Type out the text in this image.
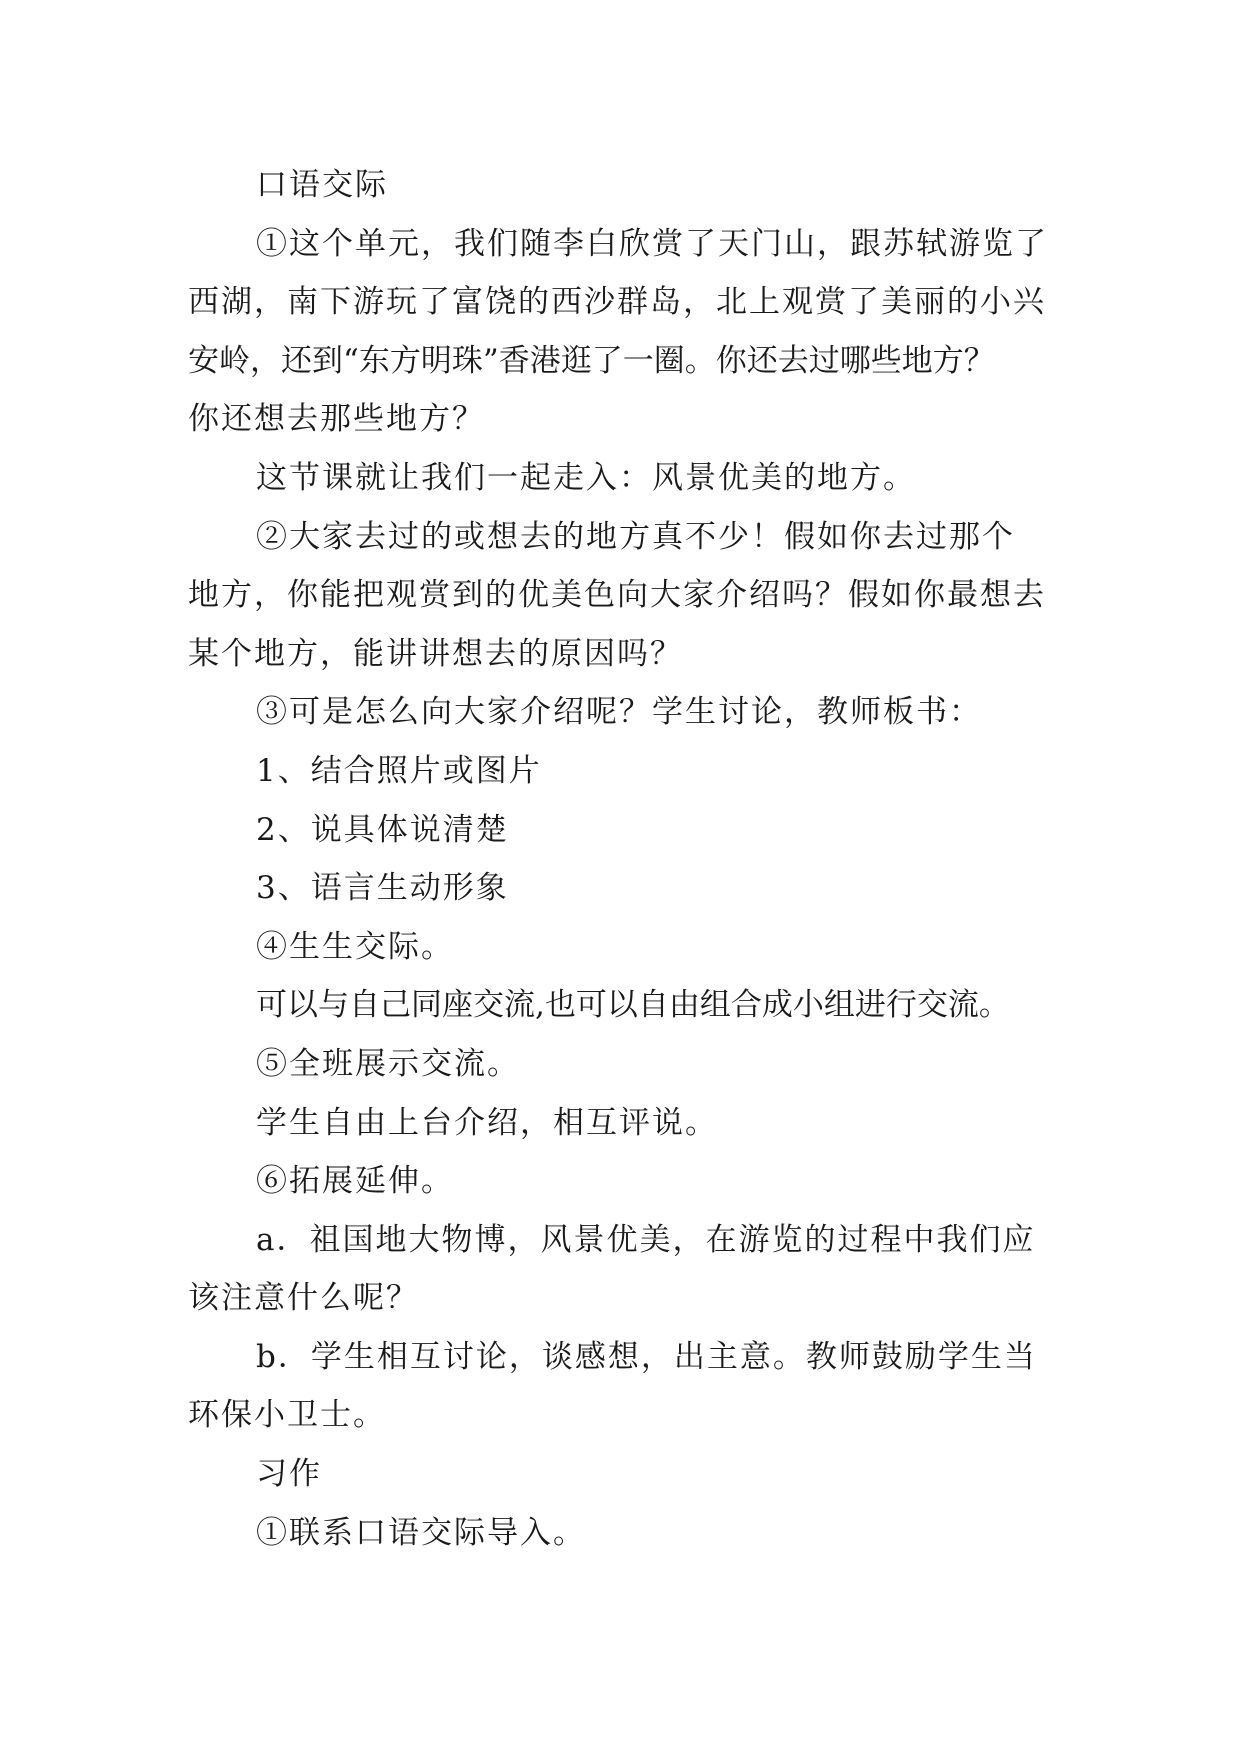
口语交际
①这个单元，我们随李白欣赏了天门山，跟苏轼游览了
西湖，南下游玩了富饶的西沙群岛，北上观赏了美丽的小兴
安岭，还到“东方明珠”香港逛了一圈。你还去过哪些地方？
你还想去那些地方？
这节课就让我们一起走入：风景优美的地方。
②大家去过的或想去的地方真不少！假如你去过那个
地方，你能把观赏到的优美色向大家介绍吗？假如你最想去
某个地方，能讲讲想去的原因吗？
③可是怎么向大家介绍呢？学生讨论，教师板书：
1、结合照片或图片
2、说具体说清楚
3、语言生动形象
④生生交际。
可以与自己同座交流,也可以自由组合成小组进行交流。
⑤全班展示交流。
学生自由上台介绍，相互评说。
⑥拓展延伸。
a．祖国地大物博，风景优美，在游览的过程中我们应
该注意什么呢？
b．学生相互讨论，谈感想，出主意。教师鼓励学生当
环保小卫士。
习作
①联系口语交际导入。
